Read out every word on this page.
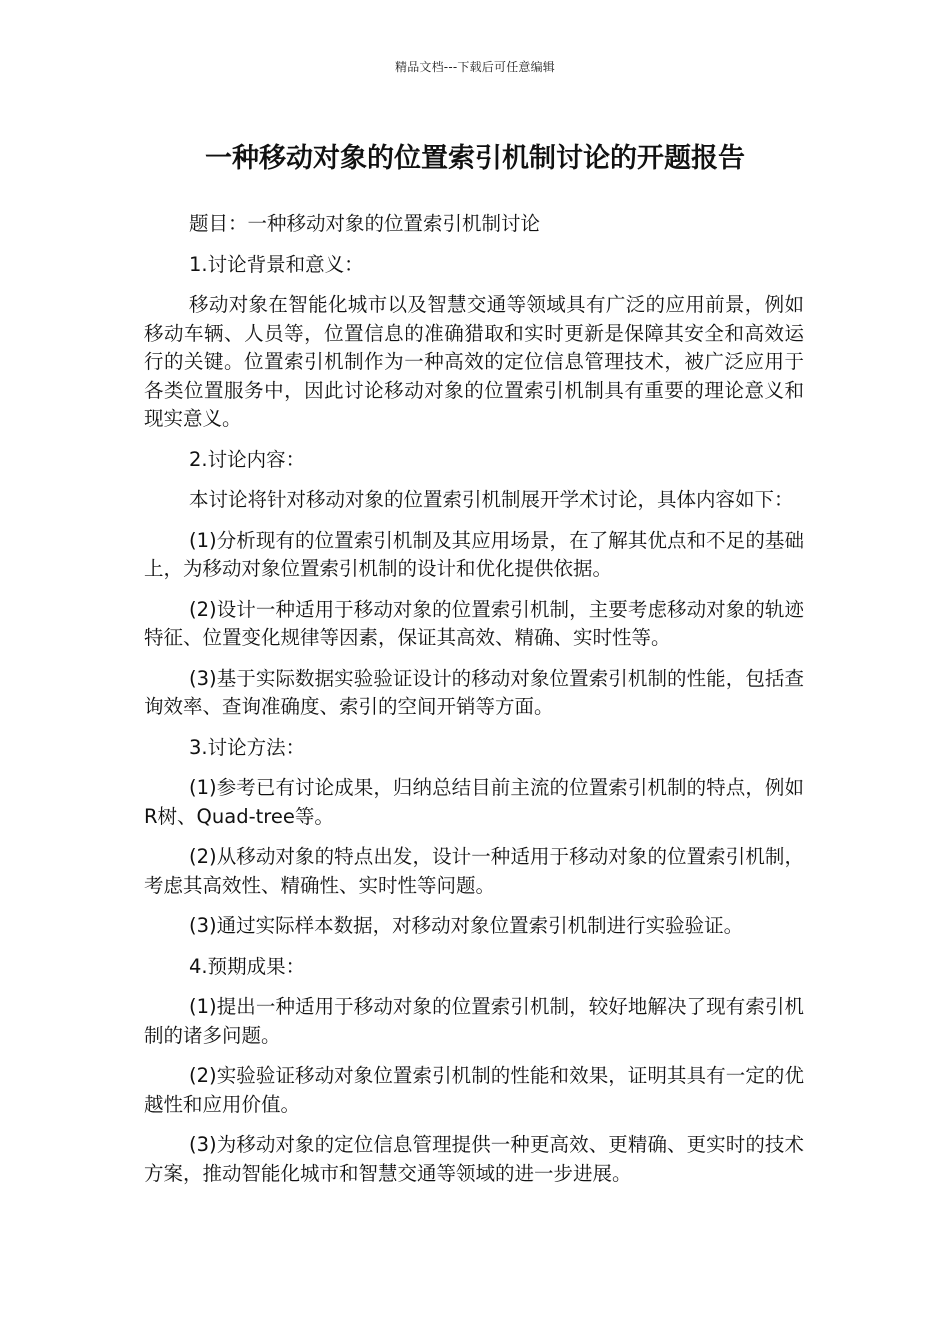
精品文档---下载后可任意编辑
一种移动对象的位置索引机制讨论的开题报告

题目：一种移动对象的位置索引机制讨论

1.讨论背景和意义：

移动对象在智能化城市以及智慧交通等领域具有广泛的应用前景，例如移动车辆、人员等，位置信息的准确猎取和实时更新是保障其安全和高效运行的关键。位置索引机制作为一种高效的定位信息管理技术，被广泛应用于各类位置服务中，因此讨论移动对象的位置索引机制具有重要的理论意义和现实意义。

2.讨论内容：

本讨论将针对移动对象的位置索引机制展开学术讨论，具体内容如下：

(1)分析现有的位置索引机制及其应用场景，在了解其优点和不足的基础上，为移动对象位置索引机制的设计和优化提供依据。

(2)设计一种适用于移动对象的位置索引机制，主要考虑移动对象的轨迹特征、位置变化规律等因素，保证其高效、精确、实时性等。

(3)基于实际数据实验验证设计的移动对象位置索引机制的性能，包括查询效率、查询准确度、索引的空间开销等方面。

3.讨论方法：

(1)参考已有讨论成果，归纳总结目前主流的位置索引机制的特点，例如R树、Quad-tree等。

(2)从移动对象的特点出发，设计一种适用于移动对象的位置索引机制，考虑其高效性、精确性、实时性等问题。

(3)通过实际样本数据，对移动对象位置索引机制进行实验验证。

4.预期成果：

(1)提出一种适用于移动对象的位置索引机制，较好地解决了现有索引机制的诸多问题。

(2)实验验证移动对象位置索引机制的性能和效果，证明其具有一定的优越性和应用价值。

(3)为移动对象的定位信息管理提供一种更高效、更精确、更实时的技术方案，推动智能化城市和智慧交通等领域的进一步进展。
